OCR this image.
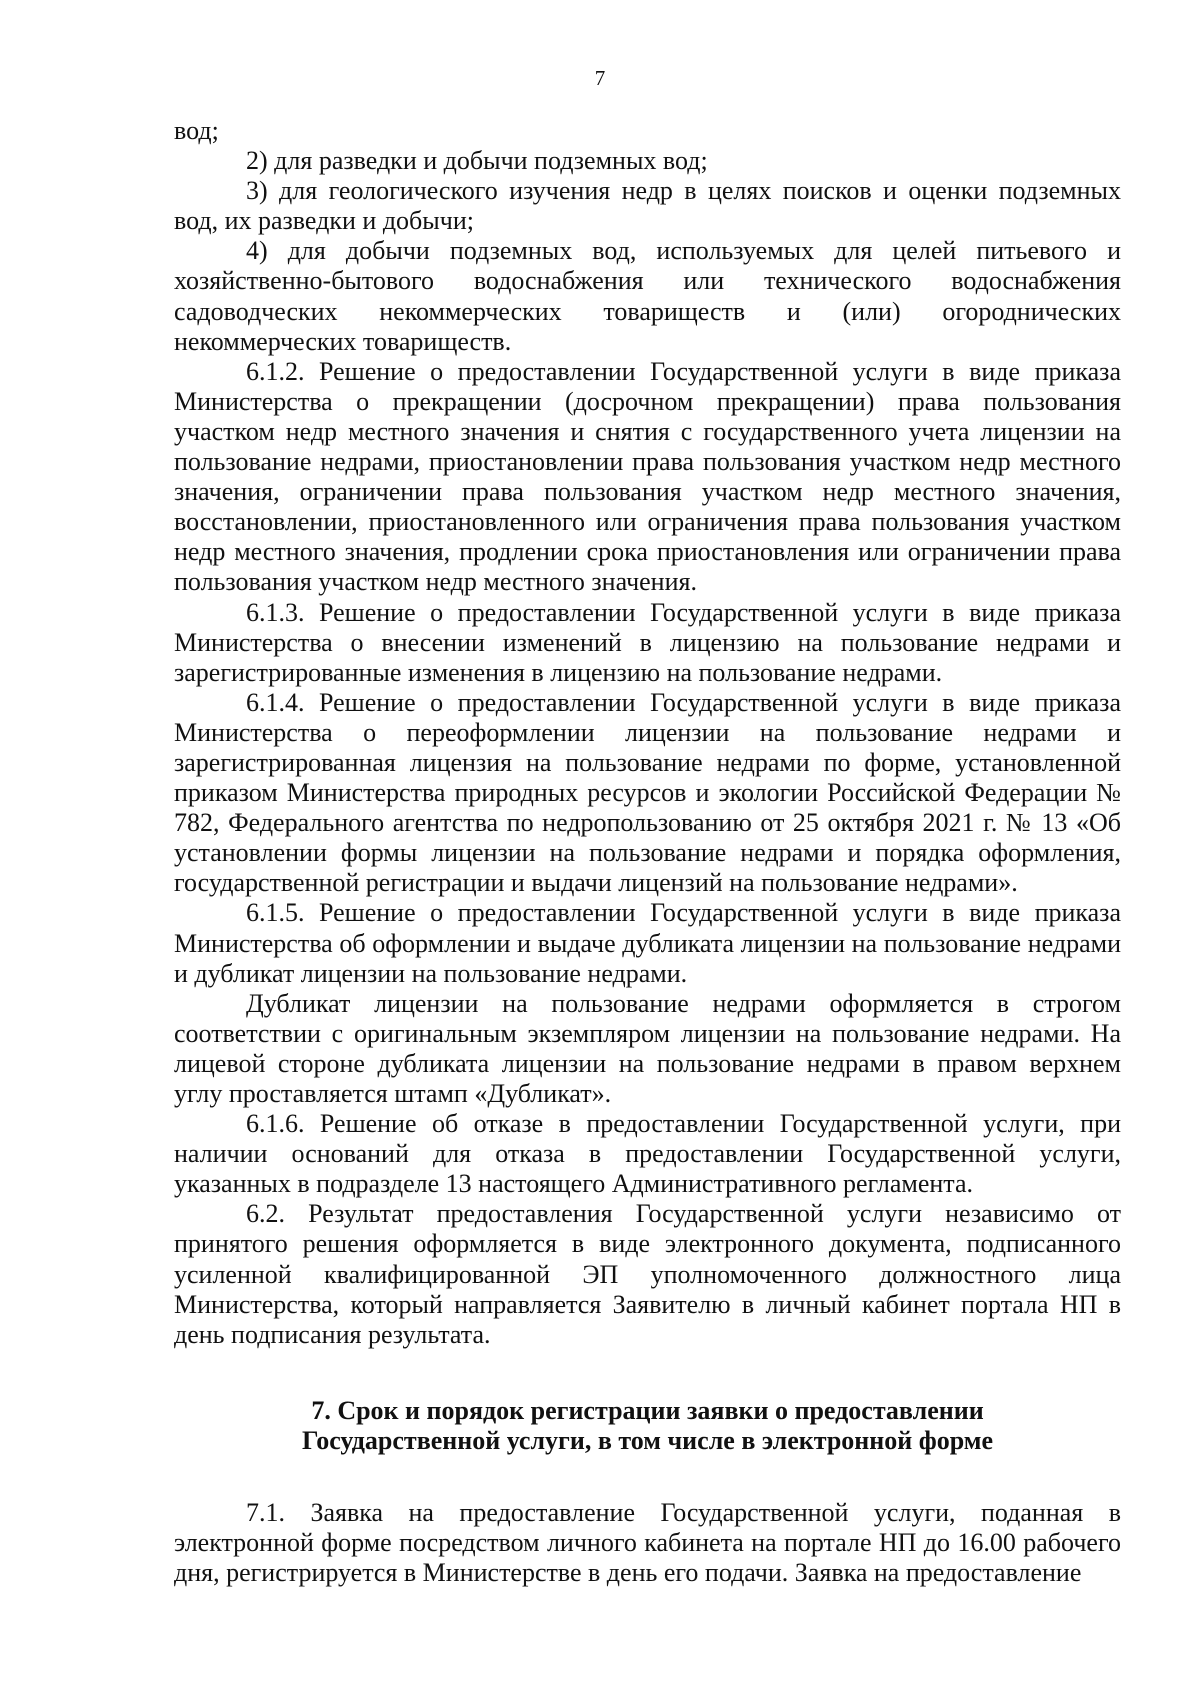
7

вод;

2) для разведки и добычи подземных вод;

3) для геологического изучения недр в целях поисков и оценки подземных вод, их разведки и добычи;

4) для добычи подземных вод, используемых для целей питьевого и хозяйственно-бытового водоснабжения или технического водоснабжения садоводческих некоммерческих товариществ и (или) огороднических некоммерческих товариществ.

6.1.2. Решение о предоставлении Государственной услуги в виде приказа Министерства о прекращении (досрочном прекращении) права пользования участком недр местного значения и снятия с государственного учета лицензии на пользование недрами, приостановлении права пользования участком недр местного значения, ограничении права пользования участком недр местного значения, восстановлении, приостановленного или ограничения права пользования участком недр местного значения, продлении срока приостановления или ограничении права пользования участком недр местного значения.

6.1.3. Решение о предоставлении Государственной услуги в виде приказа Министерства о внесении изменений в лицензию на пользование недрами и зарегистрированные изменения в лицензию на пользование недрами.

6.1.4. Решение о предоставлении Государственной услуги в виде приказа Министерства о переоформлении лицензии на пользование недрами и зарегистрированная лицензия на пользование недрами по форме, установленной приказом Министерства природных ресурсов и экологии Российской Федерации № 782, Федерального агентства по недропользованию от 25 октября 2021 г. № 13 «Об установлении формы лицензии на пользование недрами и порядка оформления, государственной регистрации и выдачи лицензий на пользование недрами».

6.1.5. Решение о предоставлении Государственной услуги в виде приказа Министерства об оформлении и выдаче дубликата лицензии на пользование недрами и дубликат лицензии на пользование недрами.

Дубликат лицензии на пользование недрами оформляется в строгом соответствии с оригинальным экземпляром лицензии на пользование недрами. На лицевой стороне дубликата лицензии на пользование недрами в правом верхнем углу проставляется штамп «Дубликат».

6.1.6. Решение об отказе в предоставлении Государственной услуги, при наличии оснований для отказа в предоставлении Государственной услуги, указанных в подразделе 13 настоящего Административного регламента.

6.2. Результат предоставления Государственной услуги независимо от принятого решения оформляется в виде электронного документа, подписанного усиленной квалифицированной ЭП уполномоченного должностного лица Министерства, который направляется Заявителю в личный кабинет портала НП в день подписания результата.

7. Срок и порядок регистрации заявки о предоставлении
Государственной услуги, в том числе в электронной форме

7.1. Заявка на предоставление Государственной услуги, поданная в электронной форме посредством личного кабинета на портале НП до 16.00 рабочего дня, регистрируется в Министерстве в день его подачи. Заявка на предоставление
